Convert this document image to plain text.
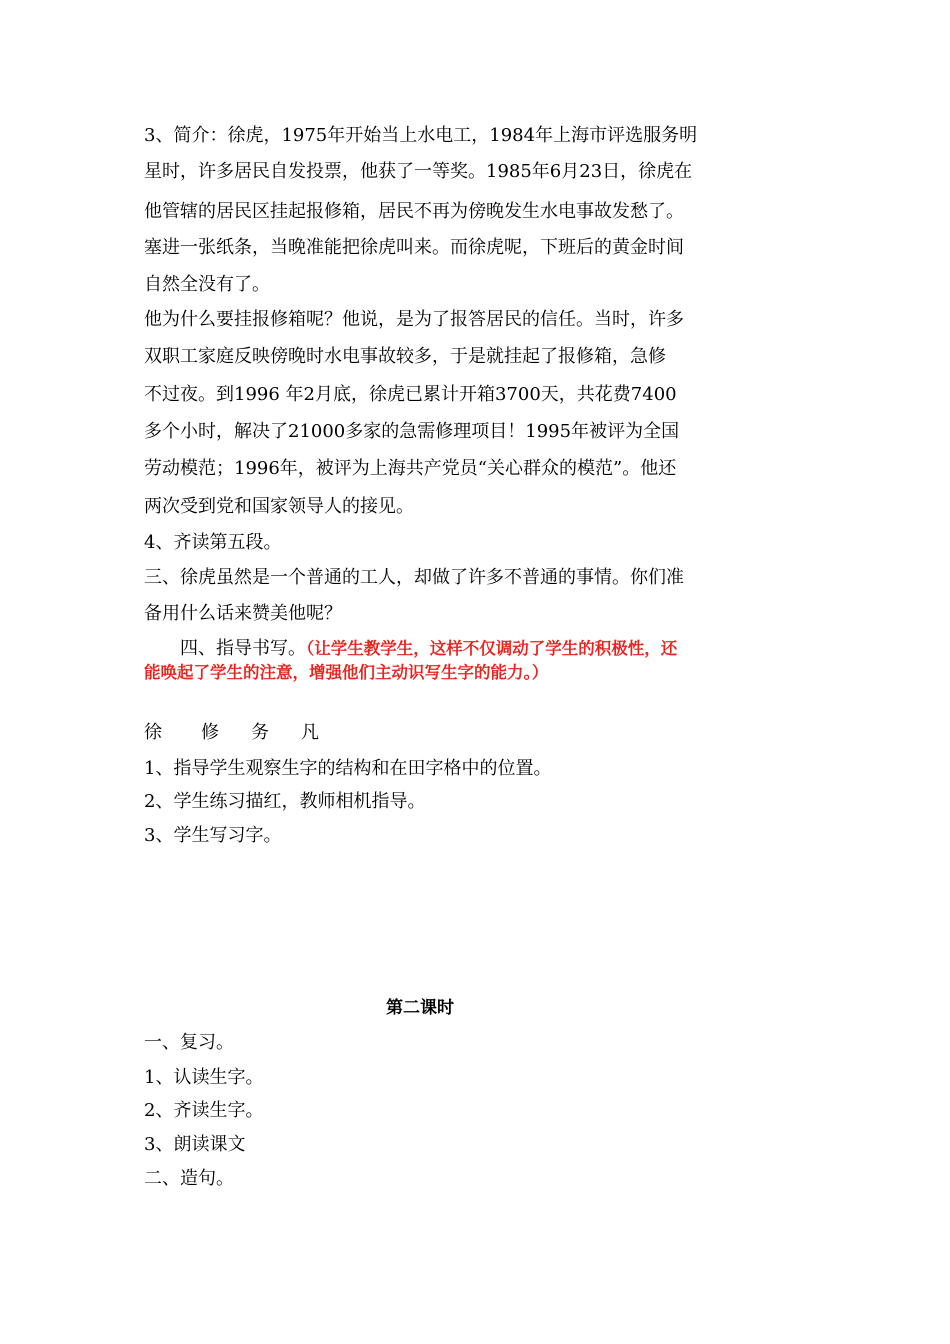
3、简介：徐虎，1975年开始当上水电工，1984年上海市评选服务明
星时，许多居民自发投票，他获了一等奖。1985年6月23日，徐虎在
他管辖的居民区挂起报修箱，居民不再为傍晚发生水电事故发愁了。
塞进一张纸条，当晚准能把徐虎叫来。而徐虎呢，下班后的黄金时间
自然全没有了。
他为什么要挂报修箱呢？他说，是为了报答居民的信任。当时，许多
双职工家庭反映傍晚时水电事故较多，于是就挂起了报修箱，急修
不过夜。到1996 年2月底，徐虎已累计开箱3700天，共花费7400
多个小时，解决了21000多家的急需修理项目！1995年被评为全国
劳动模范；1996年，被评为上海共产党员“关心群众的模范”。他还
两次受到党和国家领导人的接见。
4、齐读第五段。
三、徐虎虽然是一个普通的工人，却做了许多不普通的事情。你们准
备用什么话来赞美他呢？
四、指导书写。（让学生教学生，这样不仅调动了学生的积极性，还
能唤起了学生的注意，增强他们主动识写生字的能力。）
徐 修 务 凡
1、指导学生观察生字的结构和在田字格中的位置。
2、学生练习描红，教师相机指导。
3、学生写习字。
第二课时
一、复习。
1、认读生字。
2、齐读生字。
3、朗读课文
二、造句。
